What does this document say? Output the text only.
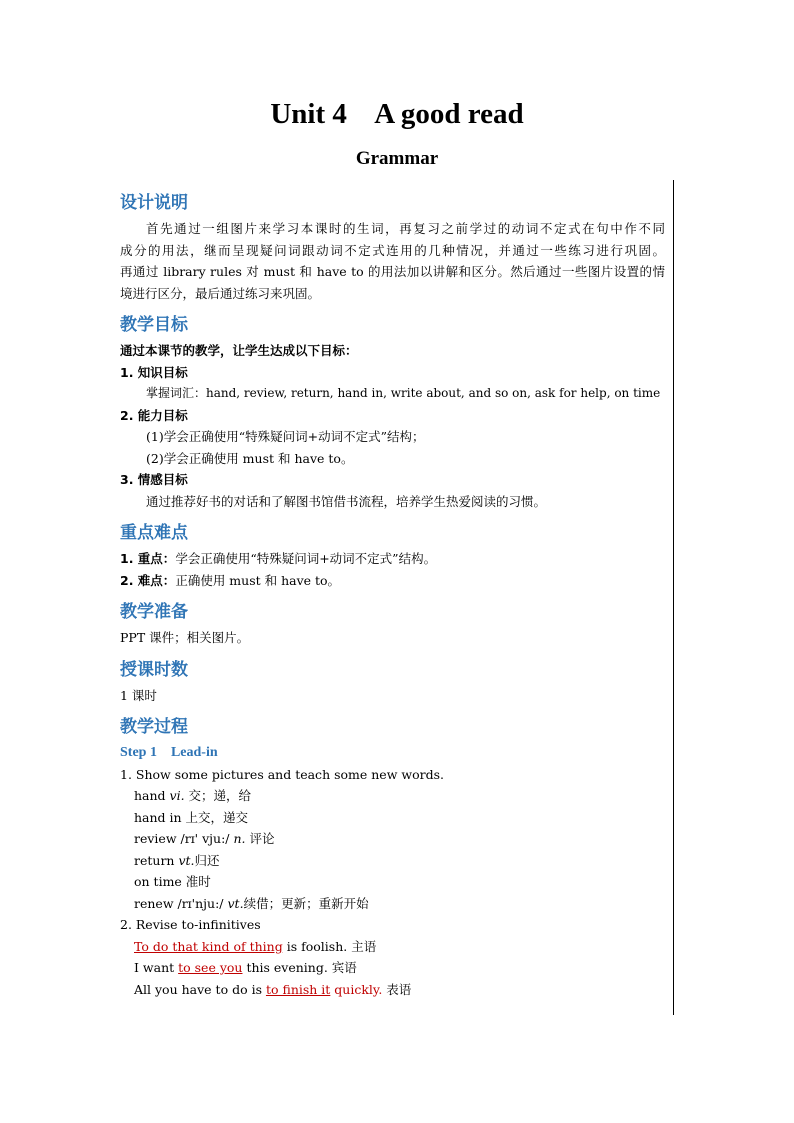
Unit 4    A good read
Grammar
设计说明
首先通过一组图片来学习本课时的生词，再复习之前学过的动词不定式在句中作不同
成分的用法，继而呈现疑问词跟动词不定式连用的几种情况，并通过一些练习进行巩固。
再通过 library rules 对 must 和 have to 的用法加以讲解和区分。然后通过一些图片设置的情
境进行区分，最后通过练习来巩固。
教学目标
通过本课节的教学，让学生达成以下目标：
1. 知识目标
掌握词汇：hand, review, return, hand in, write about, and so on, ask for help, on time
2. 能力目标
(1)学会正确使用“特殊疑问词+动词不定式”结构；
(2)学会正确使用 must 和 have to。
3. 情感目标
通过推荐好书的对话和了解图书馆借书流程，培养学生热爱阅读的习惯。
重点难点
1. 重点：学会正确使用“特殊疑问词+动词不定式”结构。
2. 难点：正确使用 must 和 have to。
教学准备
PPT 课件；相关图片。
授课时数
1 课时
教学过程
Step 1    Lead-in
1. Show some pictures and teach some new words.
hand vi. 交；递，给
hand in 上交，递交
review /rɪ' vju:/ n. 评论
return vt.归还
on time 准时
renew /rɪ'nju:/ vt.续借；更新；重新开始
2. Revise to-infinitives
To do that kind of thing is foolish. 主语
I want to see you this evening. 宾语
All you have to do is to finish it quickly. 表语
